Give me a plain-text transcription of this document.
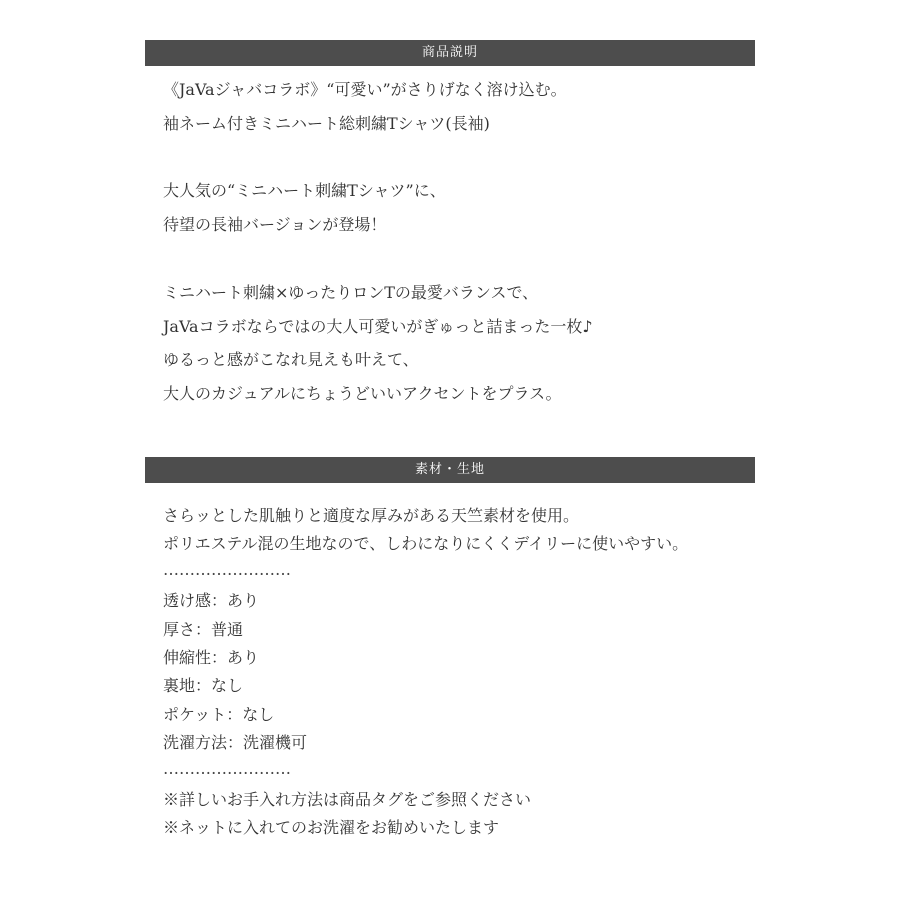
商品説明
《JaVaジャバコラボ》“可愛い”がさりげなく溶け込む。
袖ネーム付きミニハート総刺繍Tシャツ(長袖)
大人気の“ミニハート刺繍Tシャツ”に、
待望の長袖バージョンが登場！
ミニハート刺繍×ゆったりロンTの最愛バランスで、
JaVaコラボならではの大人可愛いがぎゅっと詰まった一枚♪
ゆるっと感がこなれ見えも叶えて、
大人のカジュアルにちょうどいいアクセントをプラス。
素材・生地
さらッとした肌触りと適度な厚みがある天竺素材を使用。
ポリエステル混の生地なので、しわになりにくくデイリーに使いやすい。
……………………
透け感：あり
厚さ：普通
伸縮性：あり
裏地：なし
ポケット：なし
洗濯方法：洗濯機可
……………………
※詳しいお手入れ方法は商品タグをご参照ください
※ネットに入れてのお洗濯をお勧めいたします
